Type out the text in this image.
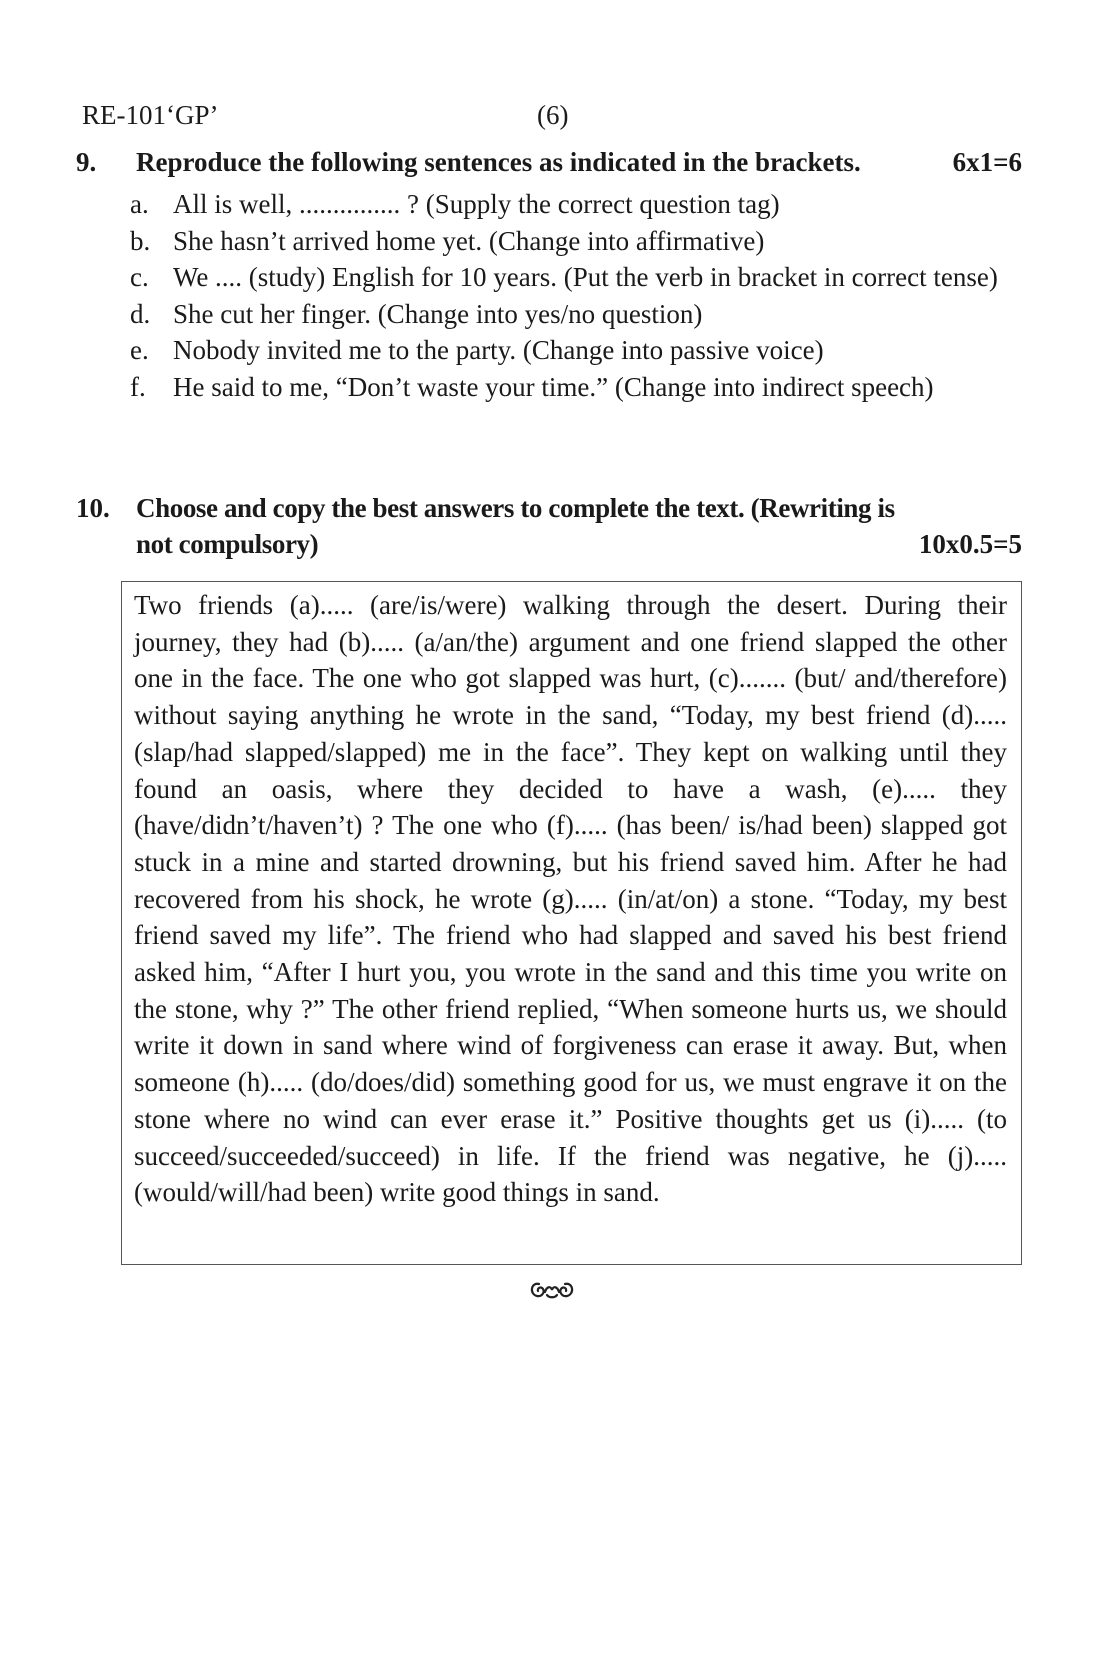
RE-101‘GP’	(6)
9. Reproduce the following sentences as indicated in the brackets.	6x1=6
a. All is well, ............... ? (Supply the correct question tag)
b. She hasn’t arrived home yet. (Change into affirmative)
c. We .... (study) English for 10 years. (Put the verb in bracket in correct tense)
d. She cut her finger. (Change into yes/no question)
e. Nobody invited me to the party. (Change into passive voice)
f. He said to me, “Don’t waste your time.” (Change into indirect speech)
10. Choose and copy the best answers to complete the text. (Rewriting is
not compulsory)	10x0.5=5

Two friends (a)..... (are/is/were) walking through the desert. During their journey, they had (b)..... (a/an/the) argument and one friend slapped the other one in the face. The one who got slapped was hurt, (c)....... (but/ and/therefore) without saying anything he wrote in the sand, “Today, my best friend (d)..... (slap/had slapped/slapped) me in the face”. They kept on walking until they found an oasis, where they decided to have a wash, (e)..... they (have/didn’t/haven’t) ? The one who (f)..... (has been/ is/had been) slapped got stuck in a mine and started drowning, but his friend saved him. After he had recovered from his shock, he wrote (g)..... (in/at/on) a stone. “Today, my best friend saved my life”. The friend who had slapped and saved his best friend asked him, “After I hurt you, you wrote in the sand and this time you write on the stone, why ?” The other friend replied, “When someone hurts us, we should write it down in sand where wind of forgiveness can erase it away. But, when someone (h)..... (do/does/did) something good for us, we must engrave it on the stone where no wind can ever erase it.” Positive thoughts get us (i)..... (to succeed/succeeded/succeed) in life. If the friend was negative, he (j)..... (would/will/had been) write good things in sand.
